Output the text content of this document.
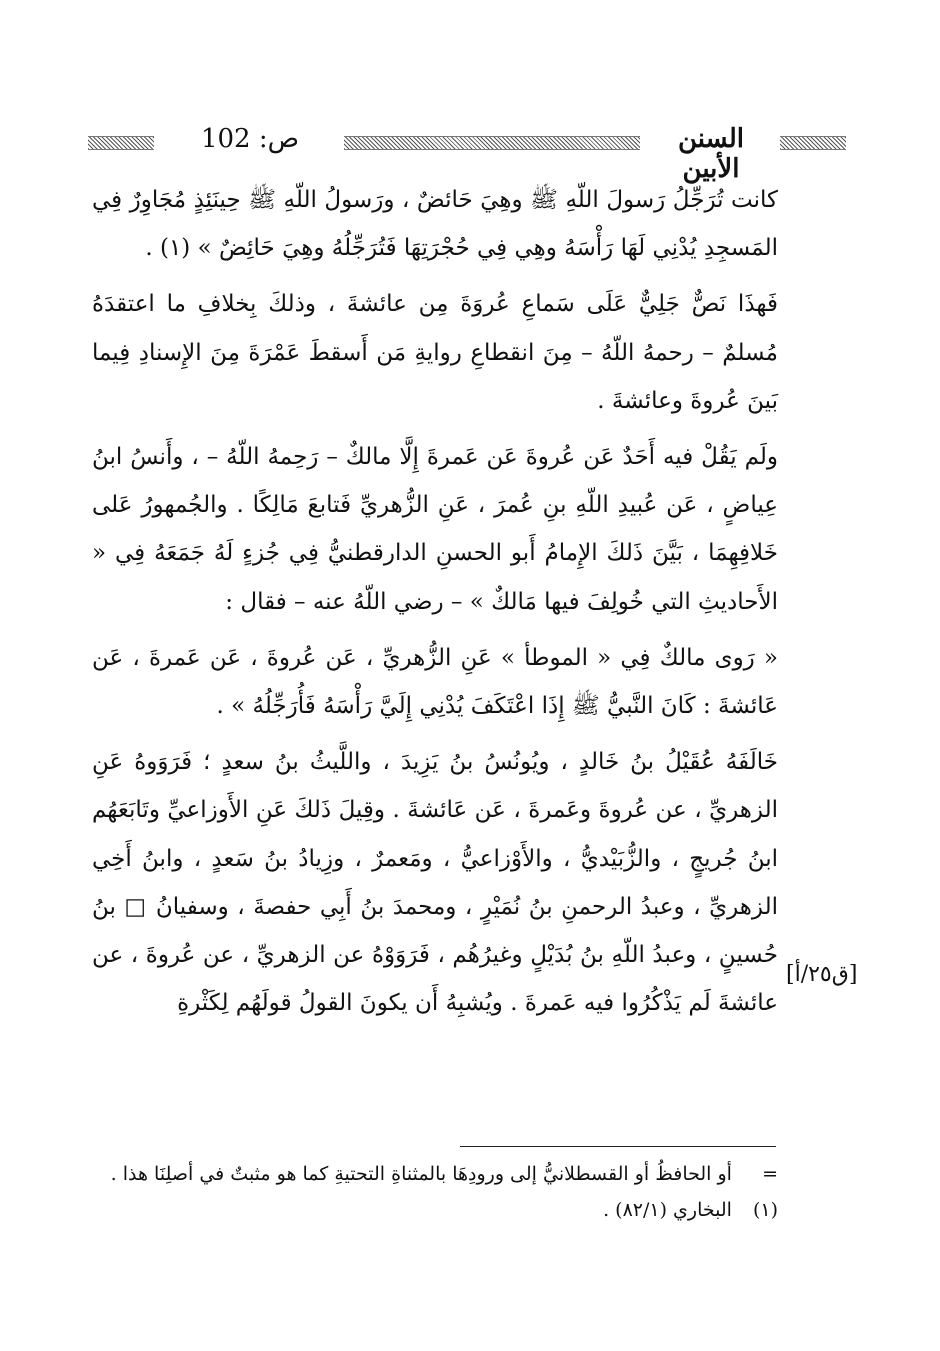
ص: 102	السنن الأبين

كانت تُرَجِّلُ رَسولَ اللّهِ ﷺ وهِيَ حَائضٌ ، ورَسولُ اللّهِ ﷺ حِينَئِذٍ مُجَاوِرٌ فِي المَسجِدِ يُدْنِي لَهَا رَأْسَهُ وهِي فِي حُجْرَتِهَا فَتُرَجِّلُهُ وهِيَ حَائِضٌ » (١) .

فَهذَا نَصٌّ جَلِيٌّ عَلَى سَماعِ عُروَةَ مِن عائشةَ ، وذلكَ بِخلافِ ما اعتقدَهُ مُسلمٌ – رحمهُ اللّهُ – مِنَ انقطاعِ روايةِ مَن أَسقطَ عَمْرَةَ مِنَ الإِسنادِ فِيما بَينَ عُروةَ وعائشةَ .

ولَم يَقُلْ فيه أَحَدٌ عَن عُروةَ عَن عَمرةَ إِلَّا مالكٌ – رَحِمهُ اللّهُ – ، وأَنسُ ابنُ عِياضٍ ، عَن عُبيدِ اللّهِ بنِ عُمرَ ، عَنِ الزُّهريِّ فَتابعَ مَالِكًا . والجُمهورُ عَلى خَلافِهِمَا ، بَيَّنَ ذَلكَ الإِمامُ أَبو الحسنِ الدارقطنيُّ فِي جُزءٍ لَهُ جَمَعَهُ فِي « الأَحاديثِ التي خُولِفَ فيها مَالكٌ » – رضي اللّهُ عنه – فقال :

« رَوى مالكٌ فِي « الموطأ » عَنِ الزُّهريِّ ، عَن عُروةَ ، عَن عَمرةَ ، عَن عَائشةَ : كَانَ النَّبيُّ ﷺ إِذَا اعْتَكَفَ يُدْنِي إِلَيَّ رَأْسَهُ فَأُرَجِّلُهُ » .

خَالَفَهُ عُقَيْلُ بنُ خَالدٍ ، ويُونُسُ بنُ يَزِيدَ ، واللَّيثُ بنُ سعدٍ ؛ فَرَوَوهُ عَنِ الزهريِّ ، عن عُروةَ وعَمرةَ ، عَن عَائشةَ . وقِيلَ ذَلكَ عَنِ الأَوزاعيِّ وتَابَعَهُم ابنُ جُريجٍ ، والزُّبَيْديُّ ، والأَوْزاعيُّ ، ومَعمرٌ ، وزِيادُ بنُ سَعدٍ ، وابنُ أَخِي الزهريِّ ، وعبدُ الرحمنِ بنُ نُمَيْرٍ ، ومحمدَ بنُ أَبِي حفصةَ ، وسفيانُ □ بنُ حُسينٍ ، وعبدُ اللّهِ بنُ بُدَيْلٍ وغيرُهُم ، فَرَوَوْهُ عن الزهريِّ ، عن عُروةَ ، عن عائشةَ لَم يَذْكُرُوا فيه عَمرةَ . ويُشبِهُ أَن يكونَ القولُ قولَهُم لِكَثْرةِ

[ق٢٥/أ]
= أو الحافظُ أو القسطلانيُّ إلى ورودِهَا بالمثناةِ التحتيةِ كما هو مثبتٌ في أصلِنَا هذا .
(١) البخاري (٨٢/١) .
